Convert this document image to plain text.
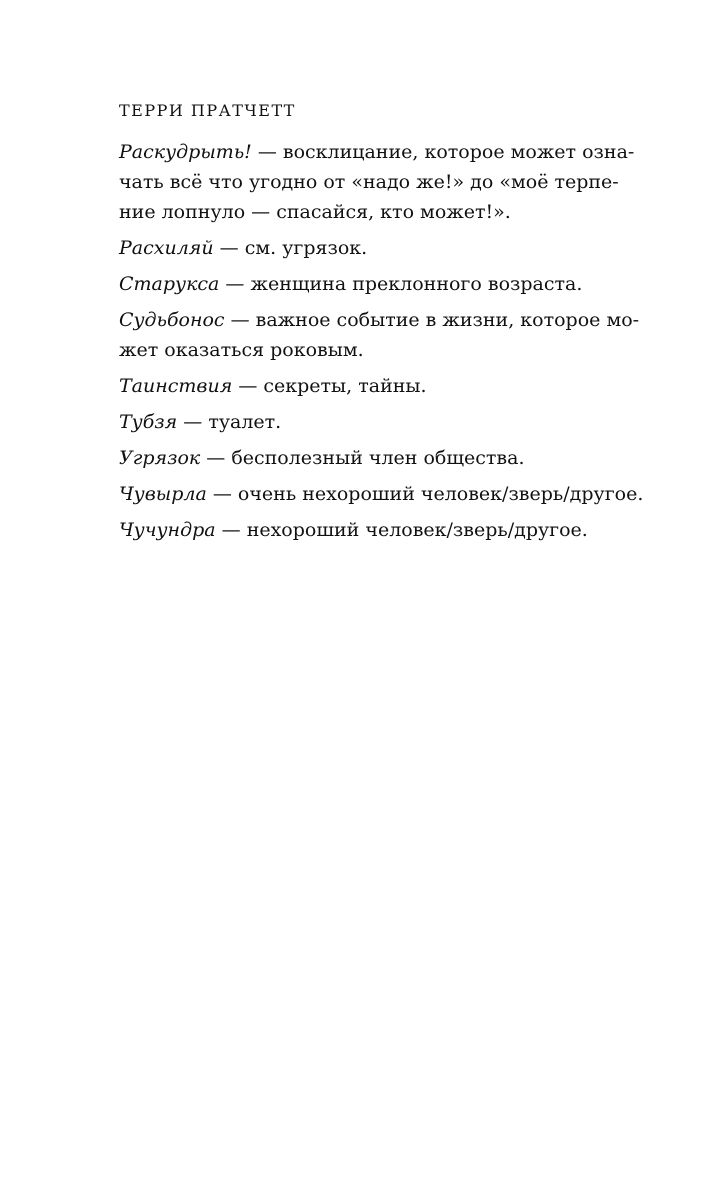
ТЕРРИ ПРАТЧЕТТ
Раскудрыть! — восклицание, которое может озна-
чать всё что угодно от «надо же!» до «моё терпе-
ние лопнуло — спасайся, кто может!».
Расхиляй — см. угрязок.
Старукса — женщина преклонного возраста.
Судьбонос — важное событие в жизни, которое мо-
жет оказаться роковым.
Таинствия — секреты, тайны.
Тубзя — туалет.
Угрязок — бесполезный член общества.
Чувырла — очень нехороший человек/зверь/другое.
Чучундра — нехороший человек/зверь/другое.
